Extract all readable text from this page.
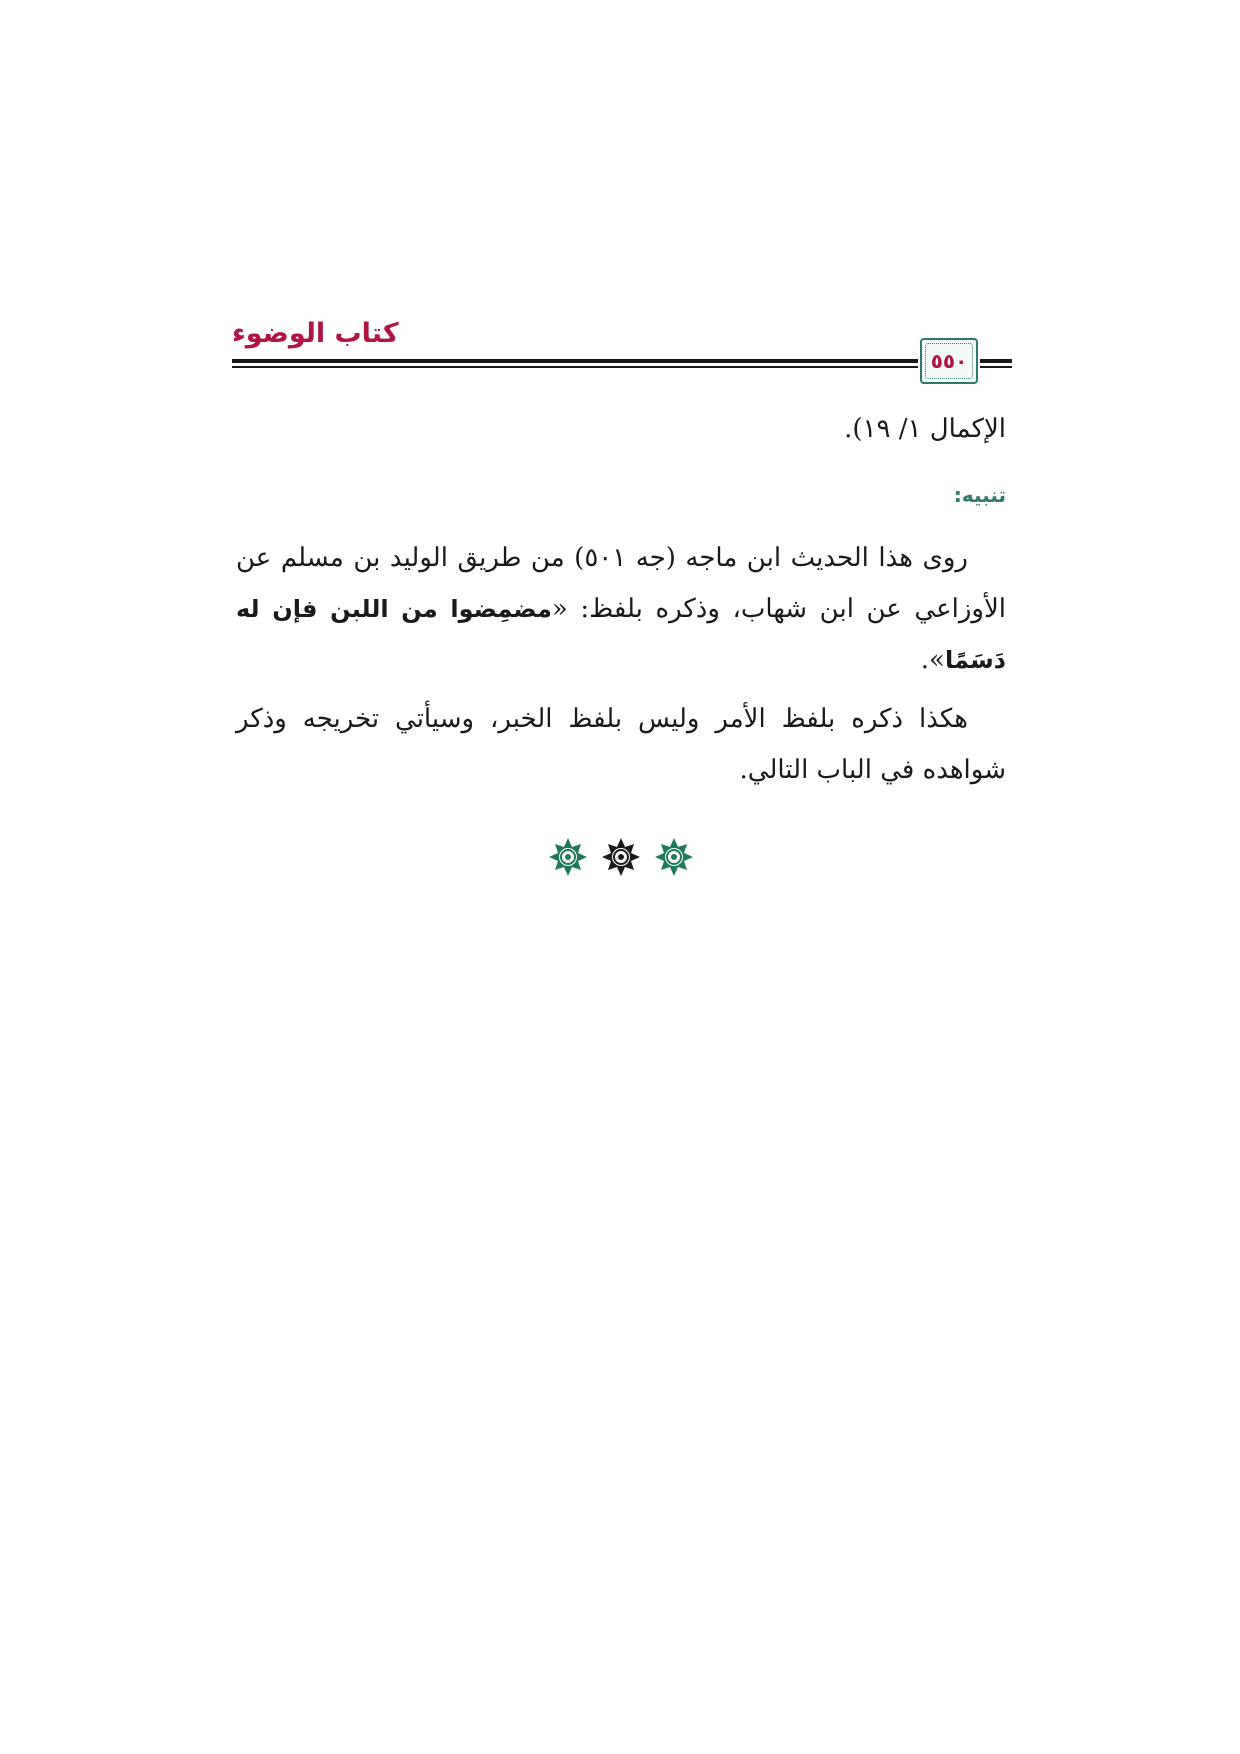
كتاب الوضوء
٥٥٠

الإكمال ١/ ١٩).

تنبيه:

روى هذا الحديث ابن ماجه (جه ٥٠١) من طريق الوليد بن مسلم عن الأوزاعي عن ابن شهاب، وذكره بلفظ: «مضمِضوا من اللبن فإن له دَسَمًا».

هكذا ذكره بلفظ الأمر وليس بلفظ الخبر، وسيأتي تخريجه وذكر شواهده في الباب التالي.
